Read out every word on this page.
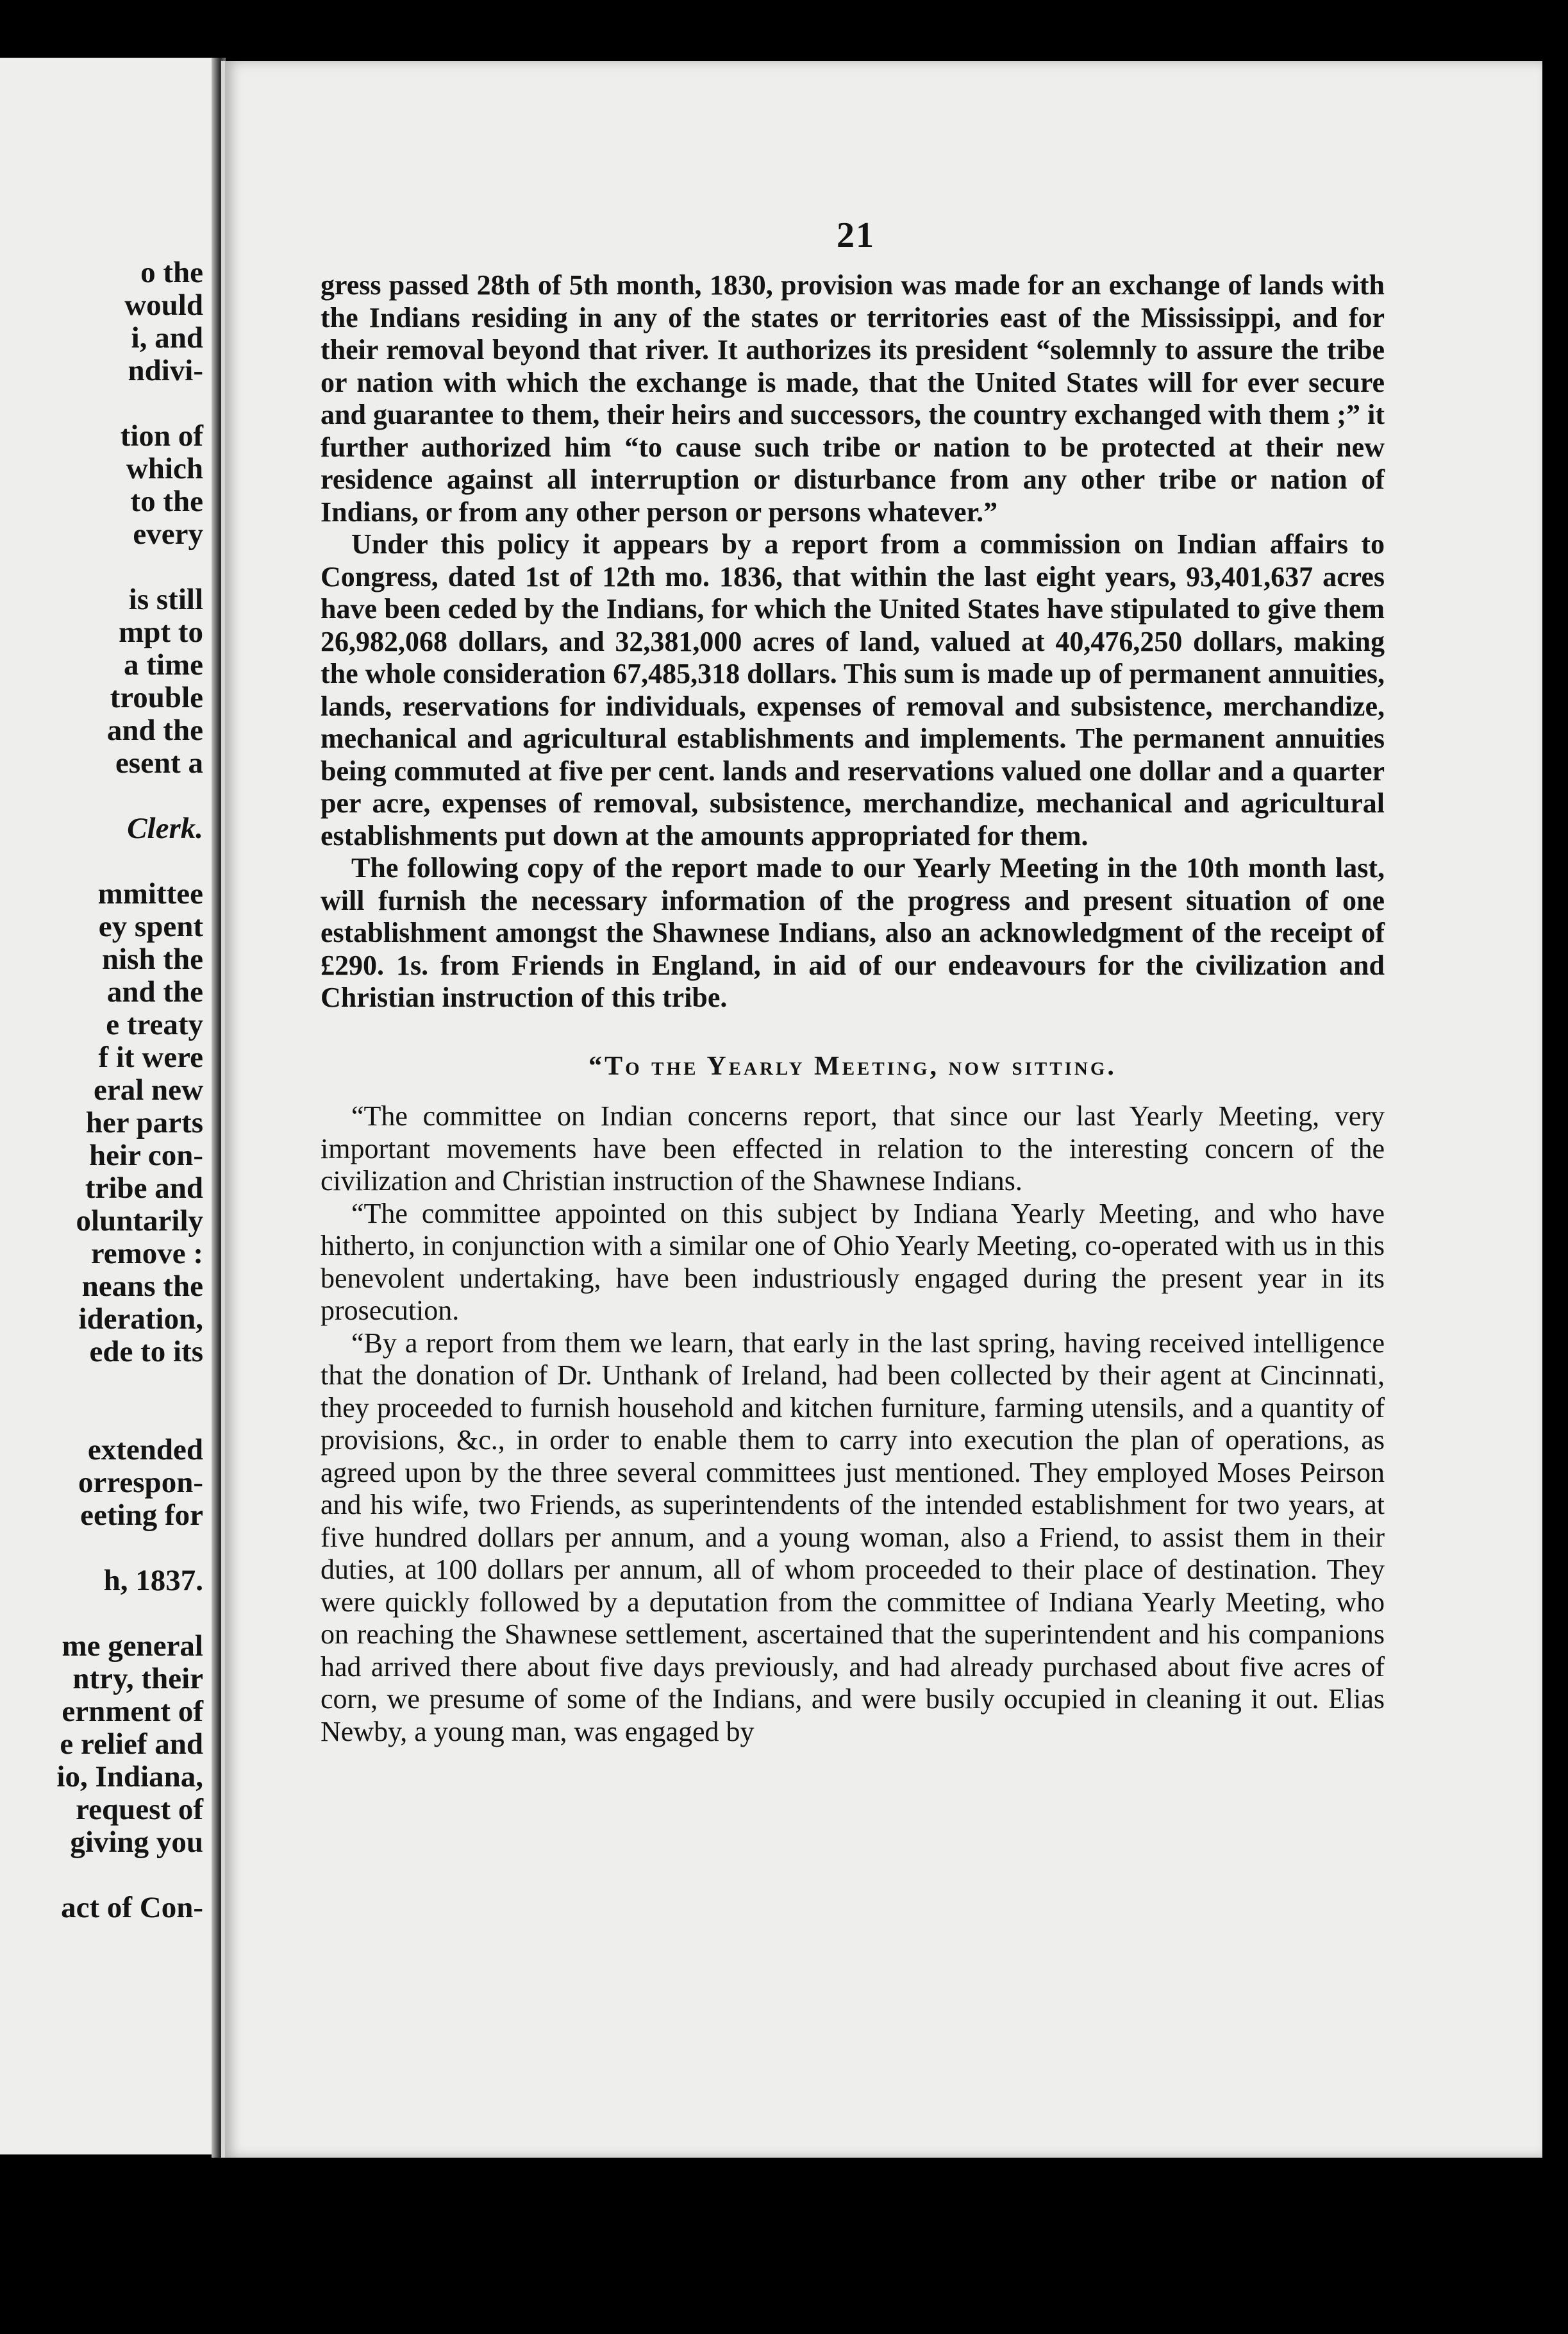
o the
would
i, and
ndivi-
tion of
which
to the
every
is still
mpt to
a time
trouble
and the
esent a
Clerk.
mmittee
ey spent
nish the
and the
e treaty
f it were
eral new
her parts
heir con-
tribe and
oluntarily
remove :
neans the
ideration,
ede to its
extended
orrespon-
eeting for
h, 1837.
me general
ntry, their
ernment of
e relief and
io, Indiana,
request of
giving you
act of Con-
21

gress passed 28th of 5th month, 1830, provision was made for an exchange of lands with the Indians residing in any of the states or territories east of the Mississippi, and for their removal beyond that river. It authorizes its president “solemnly to assure the tribe or nation with which the exchange is made, that the United States will for ever secure and guarantee to them, their heirs and successors, the country exchanged with them ;” it further authorized him “to cause such tribe or nation to be protected at their new residence against all interruption or disturbance from any other tribe or nation of Indians, or from any other person or persons whatever.”

Under this policy it appears by a report from a commission on Indian affairs to Congress, dated 1st of 12th mo. 1836, that within the last eight years, 93,401,637 acres have been ceded by the Indians, for which the United States have stipulated to give them 26,982,068 dollars, and 32,381,000 acres of land, valued at 40,476,250 dollars, making the whole consideration 67,485,318 dollars. This sum is made up of permanent annuities, lands, reservations for individuals, expenses of removal and subsistence, merchandize, mechanical and agricultural establishments and implements. The permanent annuities being commuted at five per cent. lands and reservations valued one dollar and a quarter per acre, expenses of removal, subsistence, merchandize, mechanical and agricultural establishments put down at the amounts appropriated for them.

The following copy of the report made to our Yearly Meeting in the 10th month last, will furnish the necessary information of the progress and present situation of one establishment amongst the Shawnese Indians, also an acknowledgment of the receipt of £290. 1s. from Friends in England, in aid of our endeavours for the civilization and Christian instruction of this tribe.

“To the Yearly Meeting, now sitting.

“The committee on Indian concerns report, that since our last Yearly Meeting, very important movements have been effected in relation to the interesting concern of the civilization and Christian instruction of the Shawnese Indians.

“The committee appointed on this subject by Indiana Yearly Meeting, and who have hitherto, in conjunction with a similar one of Ohio Yearly Meeting, co-operated with us in this benevolent undertaking, have been industriously engaged during the present year in its prosecution.

“By a report from them we learn, that early in the last spring, having received intelligence that the donation of Dr. Unthank of Ireland, had been collected by their agent at Cincinnati, they proceeded to furnish household and kitchen furniture, farming utensils, and a quantity of provisions, &c., in order to enable them to carry into execution the plan of operations, as agreed upon by the three several committees just mentioned. They employed Moses Peirson and his wife, two Friends, as superintendents of the intended establishment for two years, at five hundred dollars per annum, and a young woman, also a Friend, to assist them in their duties, at 100 dollars per annum, all of whom proceeded to their place of destination. They were quickly followed by a deputation from the committee of Indiana Yearly Meeting, who on reaching the Shawnese settlement, ascertained that the superintendent and his companions had arrived there about five days previously, and had already purchased about five acres of corn, we presume of some of the Indians, and were busily occupied in cleaning it out. Elias Newby, a young man, was engaged by
